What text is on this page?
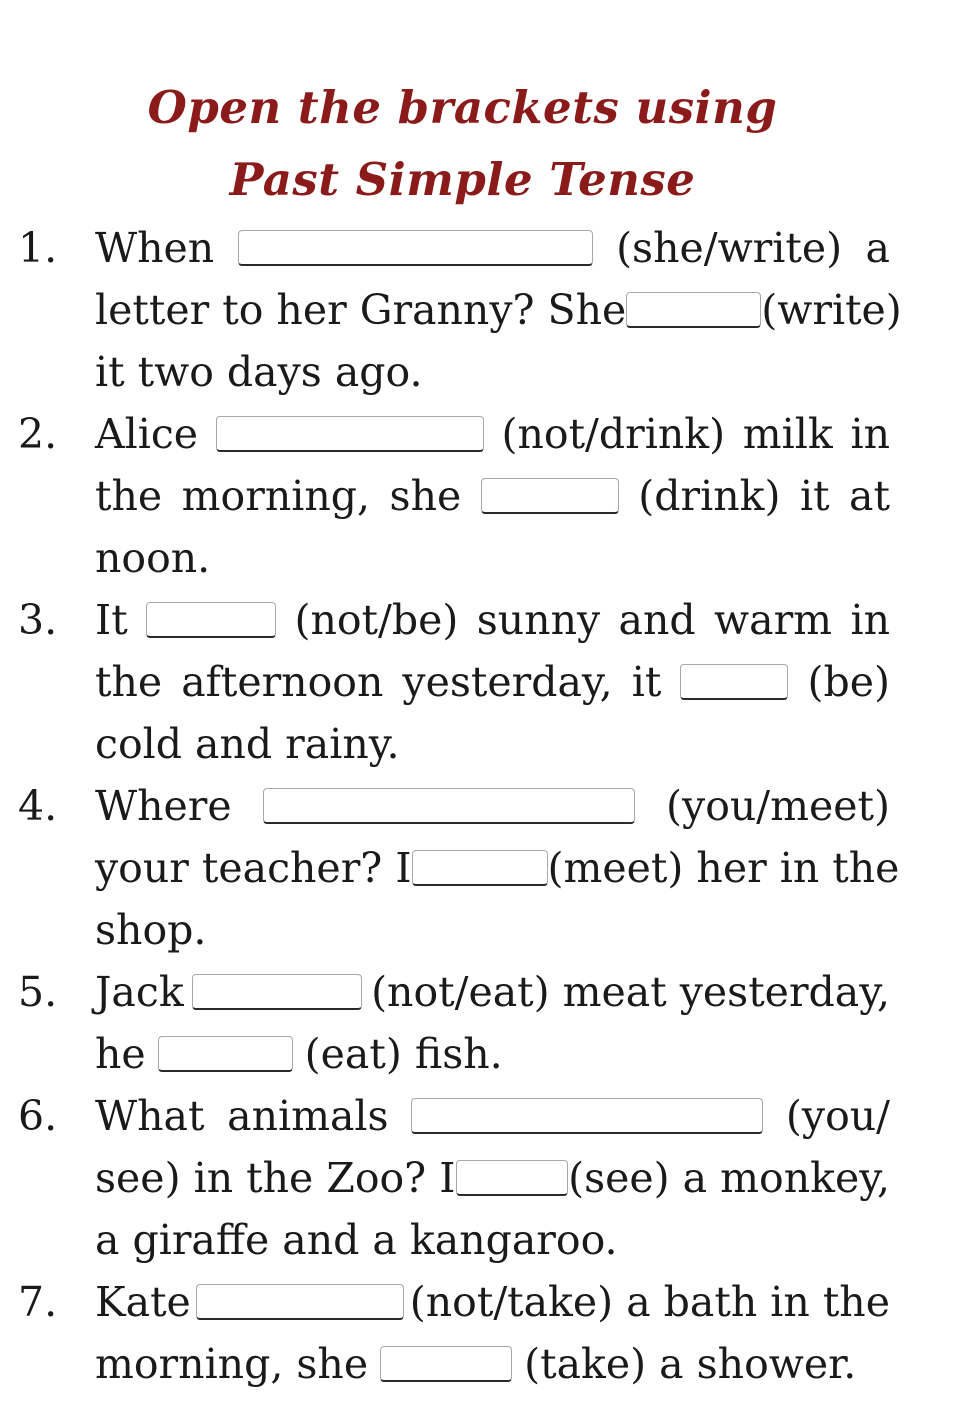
Open the brackets using
Past Simple Tense
1. When	(she/write) a
letter to her Granny? She	(write)
it two days ago.
2. Alice	(not/drink) milk in
the morning, she	(drink) it at
noon.
3. It	(not/be) sunny and warm in
the afternoon yesterday, it	(be)
cold and rainy.
4. Where	(you/meet)
your teacher? I	(meet) her in the
shop.
5. Jack	(not/eat) meat yesterday,
he	(eat) fish.
6. What animals	(you/
see) in the Zoo? I	(see) a monkey,
a giraffe and a kangaroo.
7. Kate	(not/take) a bath in the
morning, she	(take) a shower.
